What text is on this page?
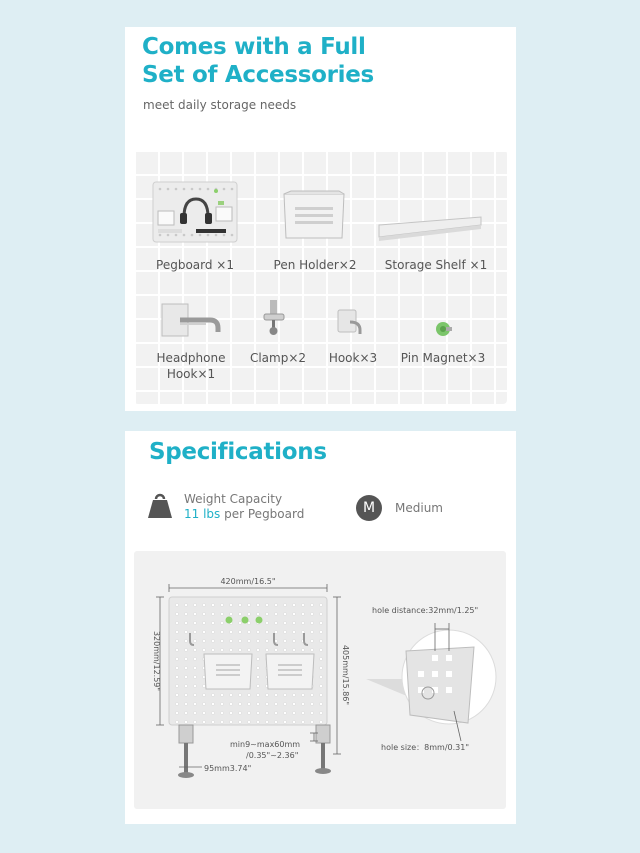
Comes with a Full
Set of Accessories
meet daily storage needs
Pegboard ×1	Pen Holder×2	Storage Shelf ×1
Headphone
Hook×1
Clamp×2	Hook×3	Pin Magnet×3
Specifications
Weight Capacity
11 lbs per Pegboard	M	Medium
420mm/16.5"
320mm/12.59"	405mm/15.86"
min9~max60mm
/0.35"~2.36"
95mm3.74"
hole distance:32mm/1.25"
hole size：8mm/0.31"
